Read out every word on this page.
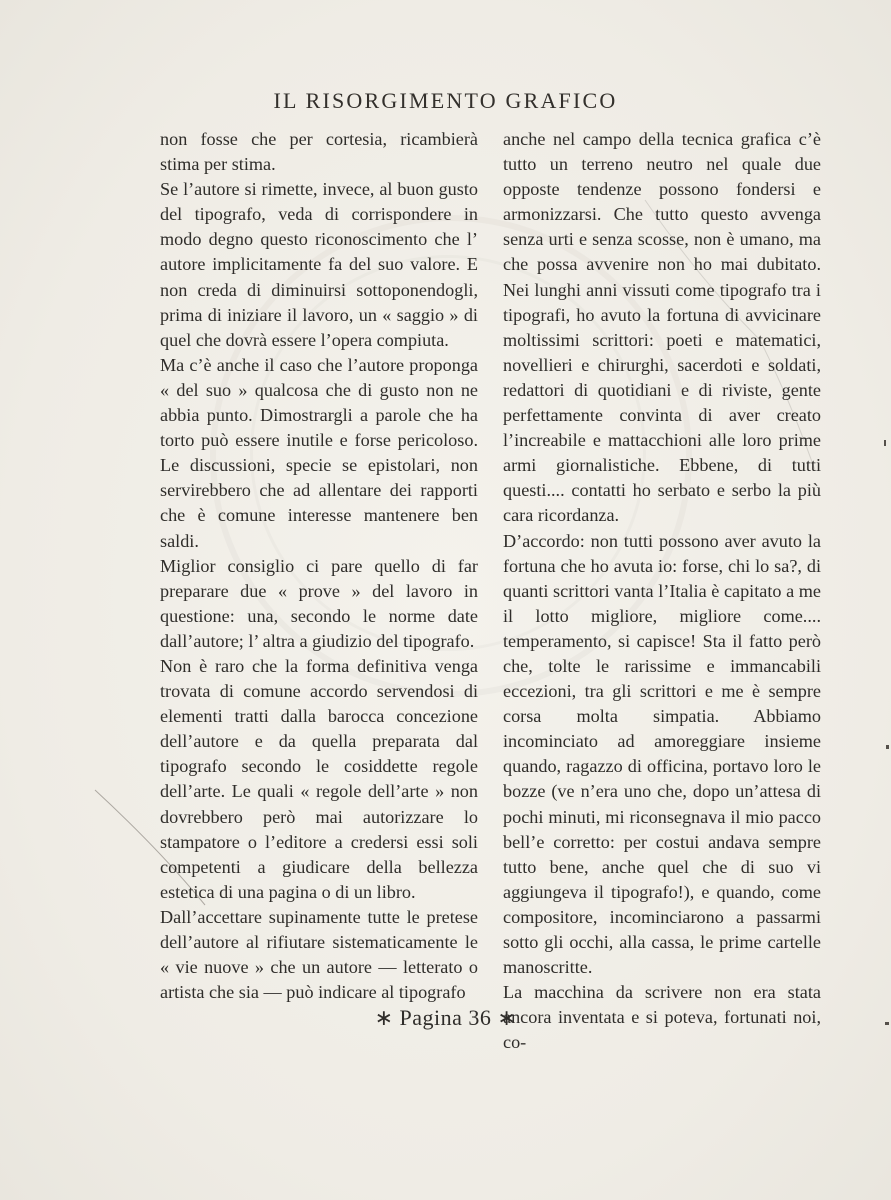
IL RISORGIMENTO GRAFICO

non fosse che per cortesia, ricambierà stima per stima.

Se l’autore si rimette, invece, al buon gusto del tipografo, veda di corrispondere in modo degno questo riconoscimento che l’ autore implicitamente fa del suo valore. E non creda di diminuirsi sottoponendogli, prima di iniziare il lavoro, un « saggio » di quel che dovrà essere l’opera compiuta.

Ma c’è anche il caso che l’autore proponga « del suo » qualcosa che di gusto non ne abbia punto. Dimostrargli a parole che ha torto può essere inutile e forse pericoloso. Le discussioni, specie se epistolari, non servirebbero che ad allentare dei rapporti che è comune interesse mantenere ben saldi.

Miglior consiglio ci pare quello di far preparare due « prove » del lavoro in questione: una, secondo le norme date dall’autore; l’ altra a giudizio del tipografo.

Non è raro che la forma definitiva venga trovata di comune accordo servendosi di elementi tratti dalla barocca concezione dell’autore e da quella preparata dal tipografo secondo le cosiddette regole dell’arte. Le quali « regole dell’arte » non dovrebbero però mai autorizzare lo stampatore o l’editore a credersi essi soli competenti a giudicare della bellezza estetica di una pagina o di un libro.

Dall’accettare supinamente tutte le pretese dell’autore al rifiutare sistematicamente le « vie nuove » che un autore — letterato o artista che sia — può indicare al tipografo

anche nel campo della tecnica grafica c’è tutto un terreno neutro nel quale due opposte tendenze possono fondersi e armonizzarsi. Che tutto questo avvenga senza urti e senza scosse, non è umano, ma che possa avvenire non ho mai dubitato. Nei lunghi anni vissuti come tipografo tra i tipografi, ho avuto la fortuna di avvicinare moltissimi scrittori: poeti e matematici, novellieri e chirurghi, sacerdoti e soldati, redattori di quotidiani e di riviste, gente perfettamente convinta di aver creato l’increabile e mattacchioni alle loro prime armi giornalistiche. Ebbene, di tutti questi.... contatti ho serbato e serbo la più cara ricordanza.

D’accordo: non tutti possono aver avuto la fortuna che ho avuta io: forse, chi lo sa?, di quanti scrittori vanta l’Italia è capitato a me il lotto migliore, migliore come.... temperamento, si capisce! Sta il fatto però che, tolte le rarissime e immancabili eccezioni, tra gli scrittori e me è sempre corsa molta simpatia. Abbiamo incominciato ad amoreggiare insieme quando, ragazzo di officina, portavo loro le bozze (ve n’era uno che, dopo un’attesa di pochi minuti, mi riconsegnava il mio pacco bell’e corretto: per costui andava sempre tutto bene, anche quel che di suo vi aggiungeva il tipografo!), e quando, come compositore, incominciarono a passarmi sotto gli occhi, alla cassa, le prime cartelle manoscritte.

La macchina da scrivere non era stata ancora inventata e si poteva, fortunati noi, co-

∗ Pagina 36 ∗
